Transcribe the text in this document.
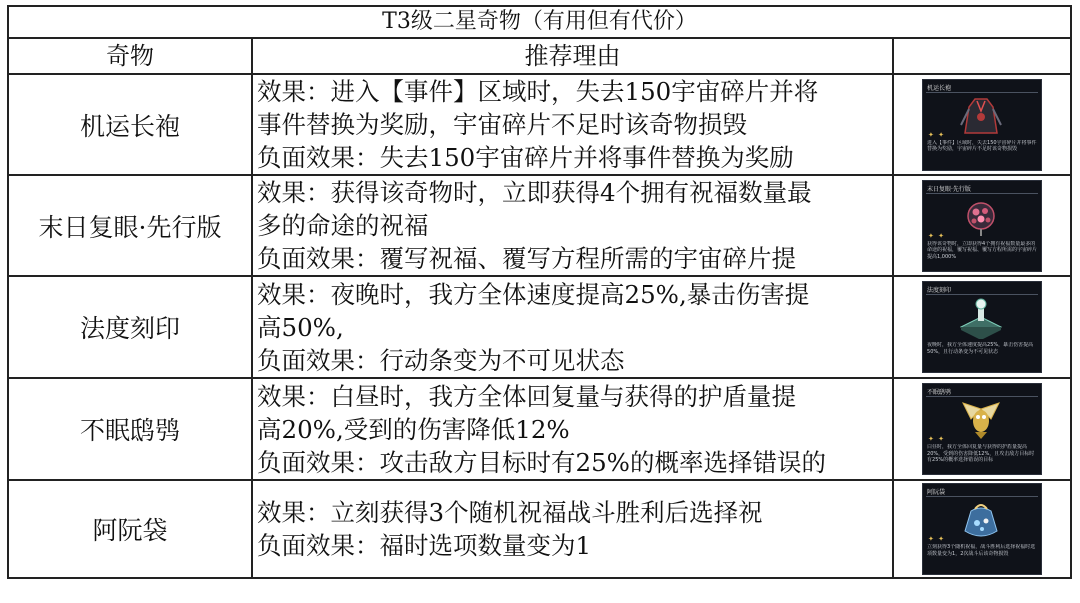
T3级二星奇物（有用但有代价）		
奇物	推荐理由	
机运长袍	效果：进入【事件】区域时，失去150宇宙碎片并将
事件替换为奖励，宇宙碎片不足时该奇物损毁
负面效果：失去150宇宙碎片并将事件替换为奖励	机运长袍
✦ ✦
进入【事件】区域时，失去150宇宙碎片并将事件替换为奖励，宇宙碎片不足时该奇物损毁

末日复眼·先行版	效果：获得该奇物时，立即获得4个拥有祝福数量最
多的命途的祝福
负面效果：覆写祝福、覆写方程所需的宇宙碎片提	末日复眼·先行版
✦ ✦
获得该奇物时，立即获得4个拥有祝福数量最多的命途的祝福，覆写祝福、覆写方程所需的宇宙碎片提高1,000%

法度刻印	效果：夜晚时，我方全体速度提高25%,暴击伤害提
高50%,
负面效果：行动条变为不可见状态	法度刻印
夜晚时，我方全体速度提高25%，暴击伤害提高50%，且行动条变为不可见状态

不眠鸱鸮	效果：白昼时，我方全体回复量与获得的护盾量提
高20%,受到的伤害降低12%
负面效果：攻击敌方目标时有25%的概率选择错误的	不眠鸱鸮
✦ ✦
白昼时，我方全体回复量与获得的护盾量提高20%，受到的伤害降低12%，且攻击敌方目标时有25%的概率选择错误的目标

阿阮袋	效果：立刻获得3个随机祝福战斗胜利后选择祝
负面效果：福时选项数量变为1	阿阮袋
✦ ✦
立刻获得3个随机祝福，战斗胜利后选择祝福时选项数量变为1，2次战斗后该奇物损毁
